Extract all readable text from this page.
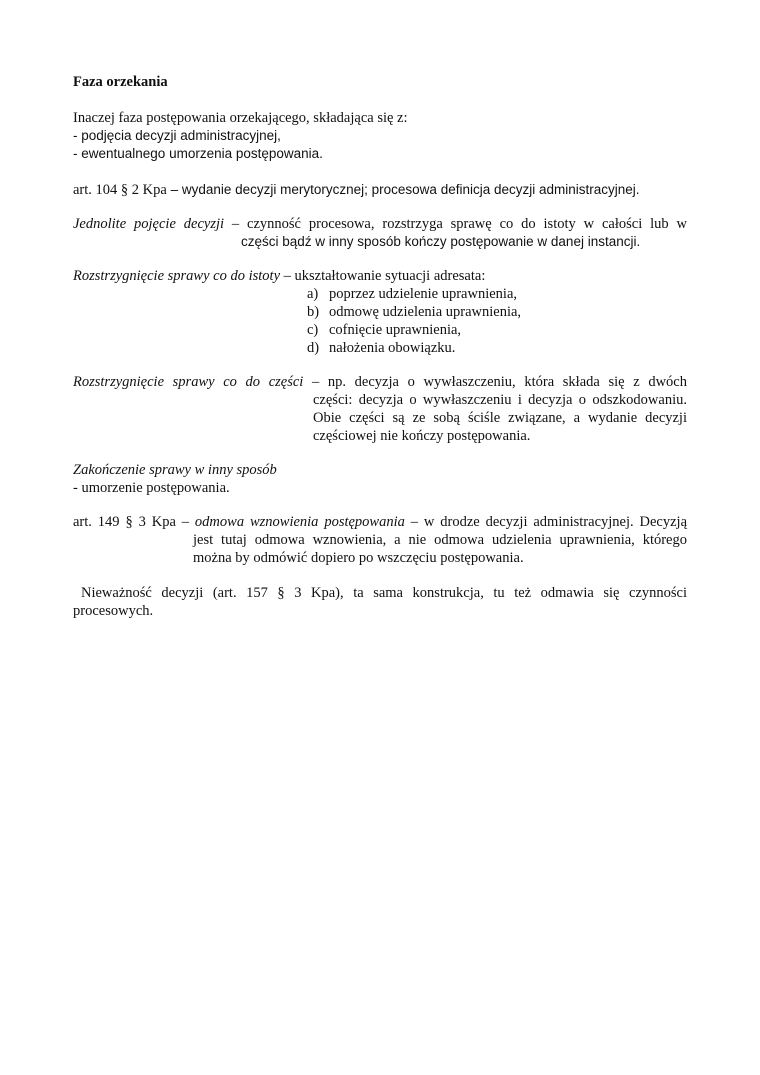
Faza orzekania
Inaczej faza postępowania orzekającego, składająca się z:
- podjęcia decyzji administracyjnej,
- ewentualnego umorzenia postępowania.
art. 104 § 2 Kpa – wydanie decyzji merytorycznej; procesowa definicja decyzji administracyjnej.
Jednolite pojęcie decyzji – czynność procesowa, rozstrzyga sprawę co do istoty w całości lub w
części bądź w inny sposób kończy postępowanie w danej instancji.
Rozstrzygnięcie sprawy co do istoty – ukształtowanie sytuacji adresata:
a) poprzez udzielenie uprawnienia,
b) odmowę udzielenia uprawnienia,
c) cofnięcie uprawnienia,
d) nałożenia obowiązku.
Rozstrzygnięcie sprawy co do części – np. decyzja o wywłaszczeniu, która składa się z dwóch
części: decyzja o wywłaszczeniu i decyzja o odszkodowaniu.
Obie części są ze sobą ściśle związane, a wydanie decyzji
częściowej nie kończy postępowania.
Zakończenie sprawy w inny sposób
- umorzenie postępowania.
art. 149 § 3 Kpa – odmowa wznowienia postępowania – w drodze decyzji administracyjnej. Decyzją
jest tutaj odmowa wznowienia, a nie odmowa udzielenia uprawnienia, którego
można by odmówić dopiero po wszczęciu postępowania.
Nieważność decyzji (art. 157 § 3 Kpa), ta sama konstrukcja, tu też odmawia się czynności
procesowych.
